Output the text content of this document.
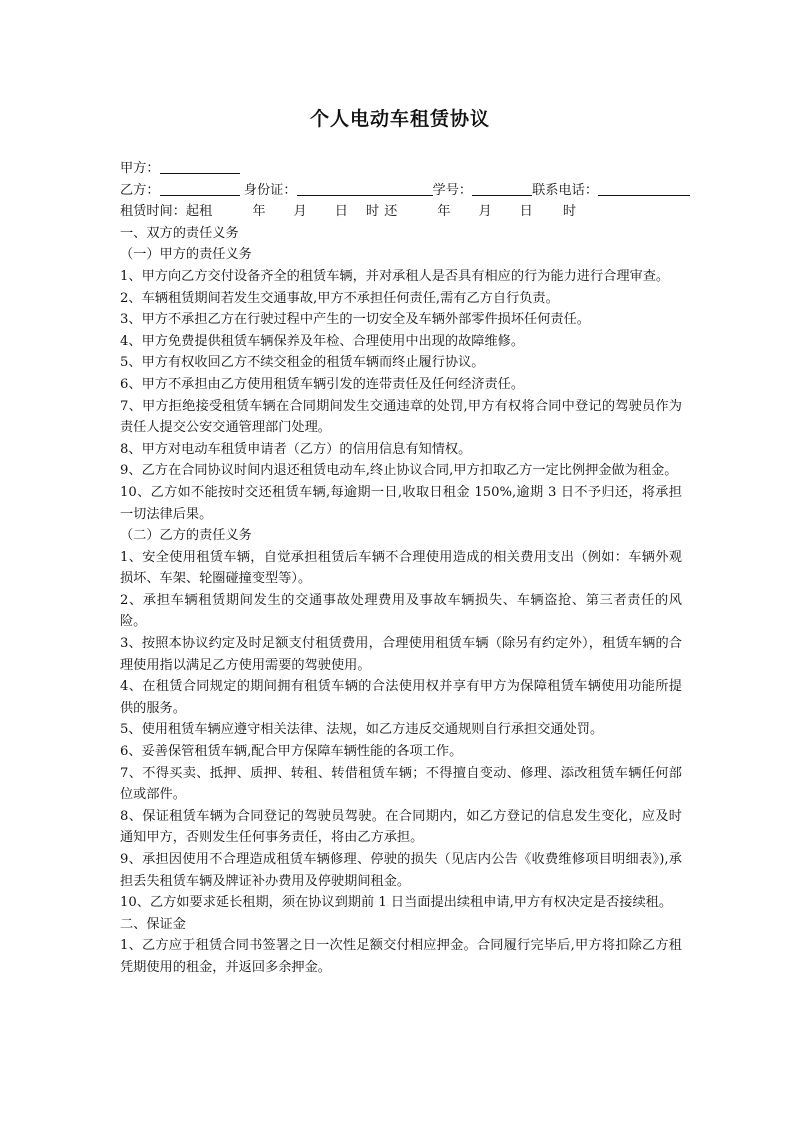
个人电动车租赁协议
甲方：
乙方：	身份证：	学号：	联系电话：
租赁时间：起租	年 月 日 时 还	年 月 日 时
一、双方的责任义务
（一）甲方的责任义务
1、甲方向乙方交付设备齐全的租赁车辆，并对承租人是否具有相应的行为能力进行合理审查。
2、车辆租赁期间若发生交通事故,甲方不承担任何责任,需有乙方自行负责。
3、甲方不承担乙方在行驶过程中产生的一切安全及车辆外部零件损坏任何责任。
4、甲方免费提供租赁车辆保养及年检、合理使用中出现的故障维修。
5、甲方有权收回乙方不续交租金的租赁车辆而终止履行协议。
6、甲方不承担由乙方使用租赁车辆引发的连带责任及任何经济责任。
7、甲方拒绝接受租赁车辆在合同期间发生交通违章的处罚,甲方有权将合同中登记的驾驶员作为责任人提交公安交通管理部门处理。
8、甲方对电动车租赁申请者（乙方）的信用信息有知情权。
9、乙方在合同协议时间内退还租赁电动车,终止协议合同,甲方扣取乙方一定比例押金做为租金。
10、乙方如不能按时交还租赁车辆,每逾期一日,收取日租金 150%,逾期 3 日不予归还，将承担一切法律后果。
（二）乙方的责任义务
1、安全使用租赁车辆，自觉承担租赁后车辆不合理使用造成的相关费用支出（例如：车辆外观损坏、车架、轮圈碰撞变型等）。
2、承担车辆租赁期间发生的交通事故处理费用及事故车辆损失、车辆盗抢、第三者责任的风险。
3、按照本协议约定及时足额支付租赁费用，合理使用租赁车辆（除另有约定外），租赁车辆的合理使用指以满足乙方使用需要的驾驶使用。
4、在租赁合同规定的期间拥有租赁车辆的合法使用权并享有甲方为保障租赁车辆使用功能所提供的服务。
5、使用租赁车辆应遵守相关法律、法规，如乙方违反交通规则自行承担交通处罚。
6、妥善保管租赁车辆,配合甲方保障车辆性能的各项工作。
7、不得买卖、抵押、质押、转租、转借租赁车辆；不得擅自变动、修理、添改租赁车辆任何部位或部件。
8、保证租赁车辆为合同登记的驾驶员驾驶。在合同期内，如乙方登记的信息发生变化，应及时通知甲方，否则发生任何事务责任，将由乙方承担。
9、承担因使用不合理造成租赁车辆修理、停驶的损失（见店内公告《收费维修项目明细表》),承担丢失租赁车辆及牌证补办费用及停驶期间租金。
10、乙方如要求延长租期，须在协议到期前 1 日当面提出续租申请,甲方有权决定是否接续租。
二、保证金
1、乙方应于租赁合同书签署之日一次性足额交付相应押金。合同履行完毕后,甲方将扣除乙方租凭期使用的租金，并返回多余押金。
